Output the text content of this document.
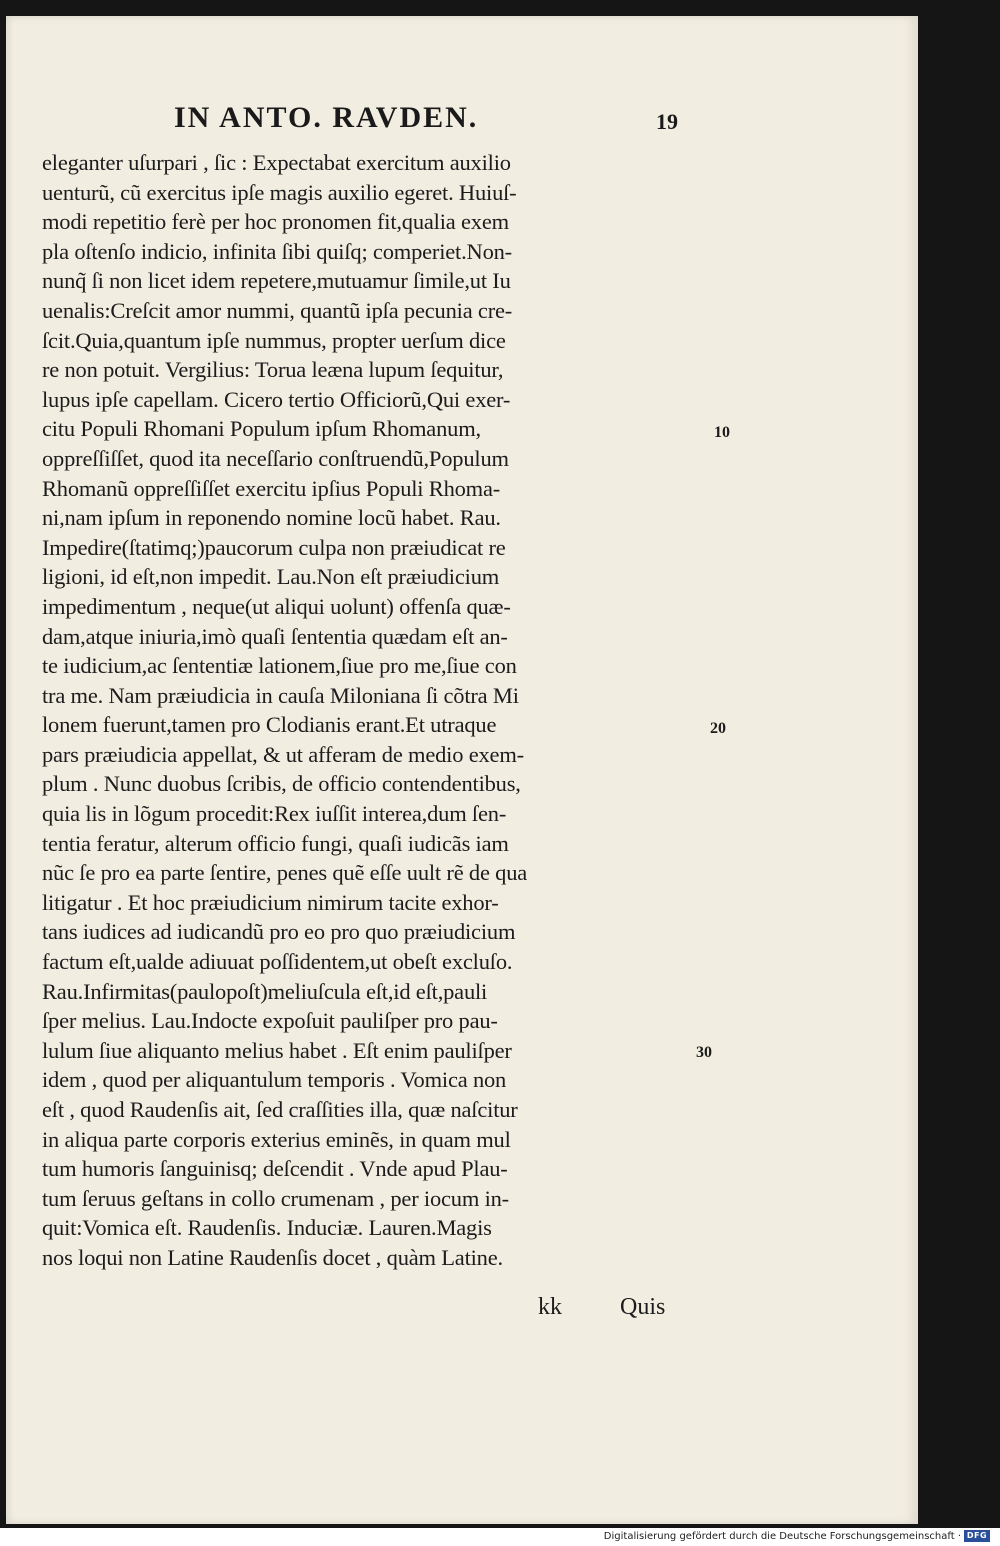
IN ANTO. RAVDEN.	19
eleganter uſurpari , ſic : Expectabat exercitum auxilio
uenturũ, cũ exercitus ipſe magis auxilio egeret. Huiuſ-
modi repetitio ferè per hoc pronomen fit,qualia exem
pla oſtenſo indicio, infinita ſibi quiſq; comperiet.Non-
nunq̃ ſi non licet idem repetere,mutuamur ſimile,ut Iu
uenalis:Creſcit amor nummi, quantũ ipſa pecunia cre-
ſcit.Quia,quantum ipſe nummus, propter uerſum dice
re non potuit. Vergilius: Torua leæna lupum ſequitur,
lupus ipſe capellam. Cicero tertio Officiorũ,Qui exer-
citu Populi Rhomani Populum ipſum Rhomanum,
oppreſſiſſet, quod ita neceſſario conſtruendũ,Populum
Rhomanũ oppreſſiſſet exercitu ipſius Populi Rhoma-
ni,nam ipſum in reponendo nomine locũ habet. Rau.
Impedire(ſtatimq;)paucorum culpa non præiudicat re
ligioni, id eſt,non impedit. Lau.Non eſt præiudicium
impedimentum , neque(ut aliqui uolunt) offenſa quæ-
dam,atque iniuria,imò quaſi ſententia quædam eſt an-
te iudicium,ac ſententiæ lationem,ſiue pro me,ſiue con
tra me. Nam præiudicia in cauſa Miloniana ſi cõtra Mi
lonem fuerunt,tamen pro Clodianis erant.Et utraque
pars præiudicia appellat, & ut afferam de medio exem-
plum . Nunc duobus ſcribis, de officio contendentibus,
quia lis in lõgum procedit:Rex iuſſit interea,dum ſen-
tentia feratur, alterum officio fungi, quaſi iudicãs iam
nũc ſe pro ea parte ſentire, penes quẽ eſſe uult rẽ de qua
litigatur . Et hoc præiudicium nimirum tacite exhor-
tans iudices ad iudicandũ pro eo pro quo præiudicium
factum eſt,ualde adiuuat poſſidentem,ut obeſt excluſo.
Rau.Infirmitas(paulopoſt)meliuſcula eſt,id eſt,pauli
ſper melius. Lau.Indocte expoſuit pauliſper pro pau-
lulum ſiue aliquanto melius habet . Eſt enim pauliſper
idem , quod per aliquantulum temporis . Vomica non
eſt , quod Raudenſis ait, ſed craſſities illa, quæ naſcitur
in aliqua parte corporis exterius eminẽs, in quam mul
tum humoris ſanguinisq; deſcendit . Vnde apud Plau-
tum ſeruus geſtans in collo crumenam , per iocum in-
quit:Vomica eſt. Raudenſis. Induciæ. Lauren.Magis
nos loqui non Latine Raudenſis docet , quàm Latine.
10
20
30
kk Quis
Digitalisierung gefördert durch die Deutsche Forschungsgemeinschaft · DFG
